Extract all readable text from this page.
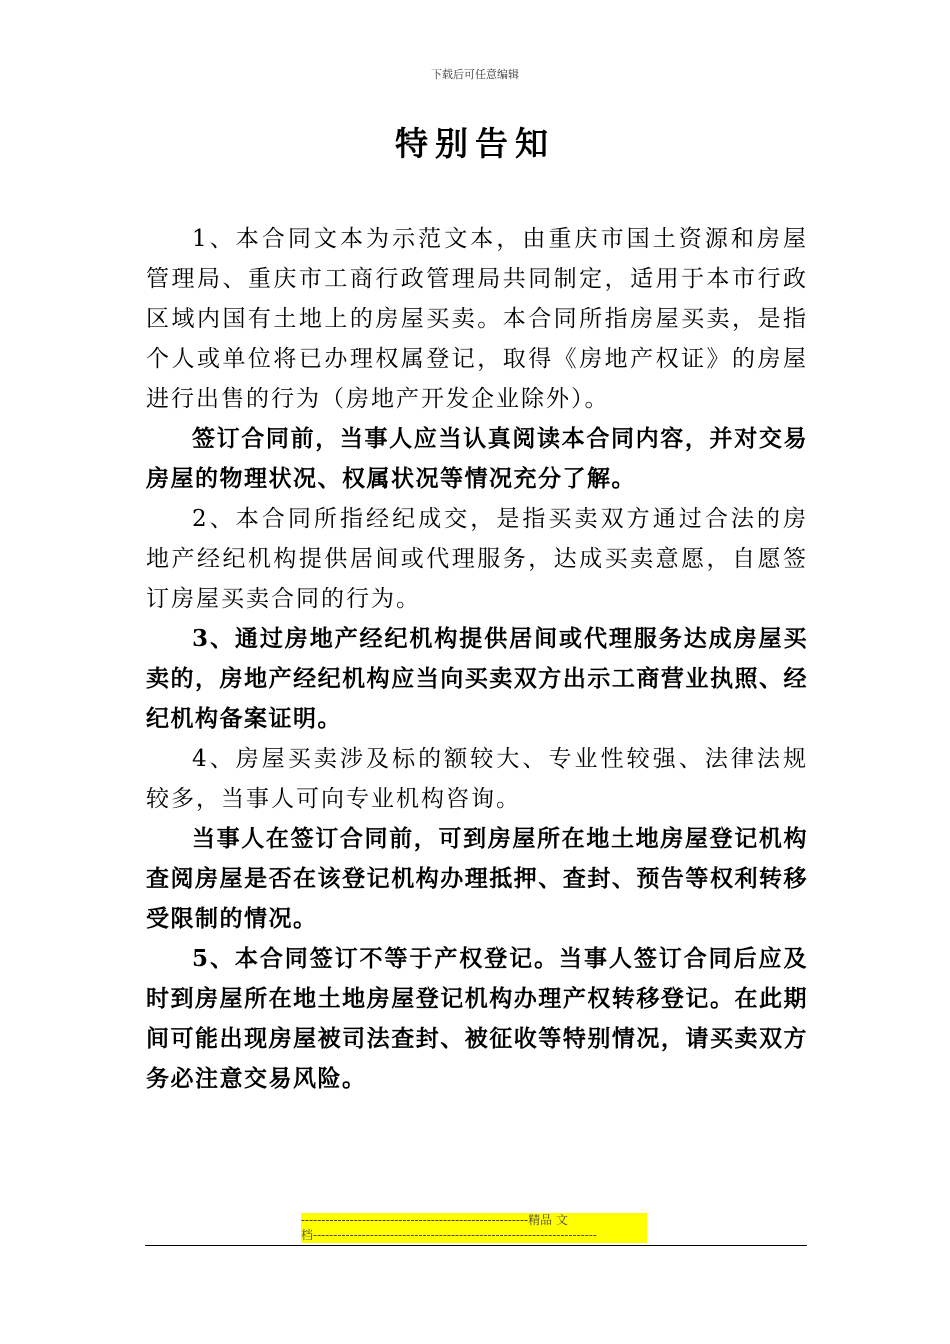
下载后可任意编辑
特别告知

1、本合同文本为示范文本，由重庆市国土资源和房屋管理局、重庆市工商行政管理局共同制定，适用于本市行政区域内国有土地上的房屋买卖。本合同所指房屋买卖，是指个人或单位将已办理权属登记，取得《房地产权证》的房屋进行出售的行为（房地产开发企业除外）。

签订合同前，当事人应当认真阅读本合同内容，并对交易房屋的物理状况、权属状况等情况充分了解。

2、本合同所指经纪成交，是指买卖双方通过合法的房地产经纪机构提供居间或代理服务，达成买卖意愿，自愿签订房屋买卖合同的行为。

3、通过房地产经纪机构提供居间或代理服务达成房屋买卖的，房地产经纪机构应当向买卖双方出示工商营业执照、经纪机构备案证明。

4、房屋买卖涉及标的额较大、专业性较强、法律法规较多，当事人可向专业机构咨询。

当事人在签订合同前，可到房屋所在地土地房屋登记机构查阅房屋是否在该登记机构办理抵押、查封、预告等权利转移受限制的情况。

5、本合同签订不等于产权登记。当事人签订合同后应及时到房屋所在地土地房屋登记机构办理产权转移登记。在此期间可能出现房屋被司法查封、被征收等特别情况，请买卖双方务必注意交易风险。

--------------------------------------------------------精品 文
档----------------------------------------------------------------------
